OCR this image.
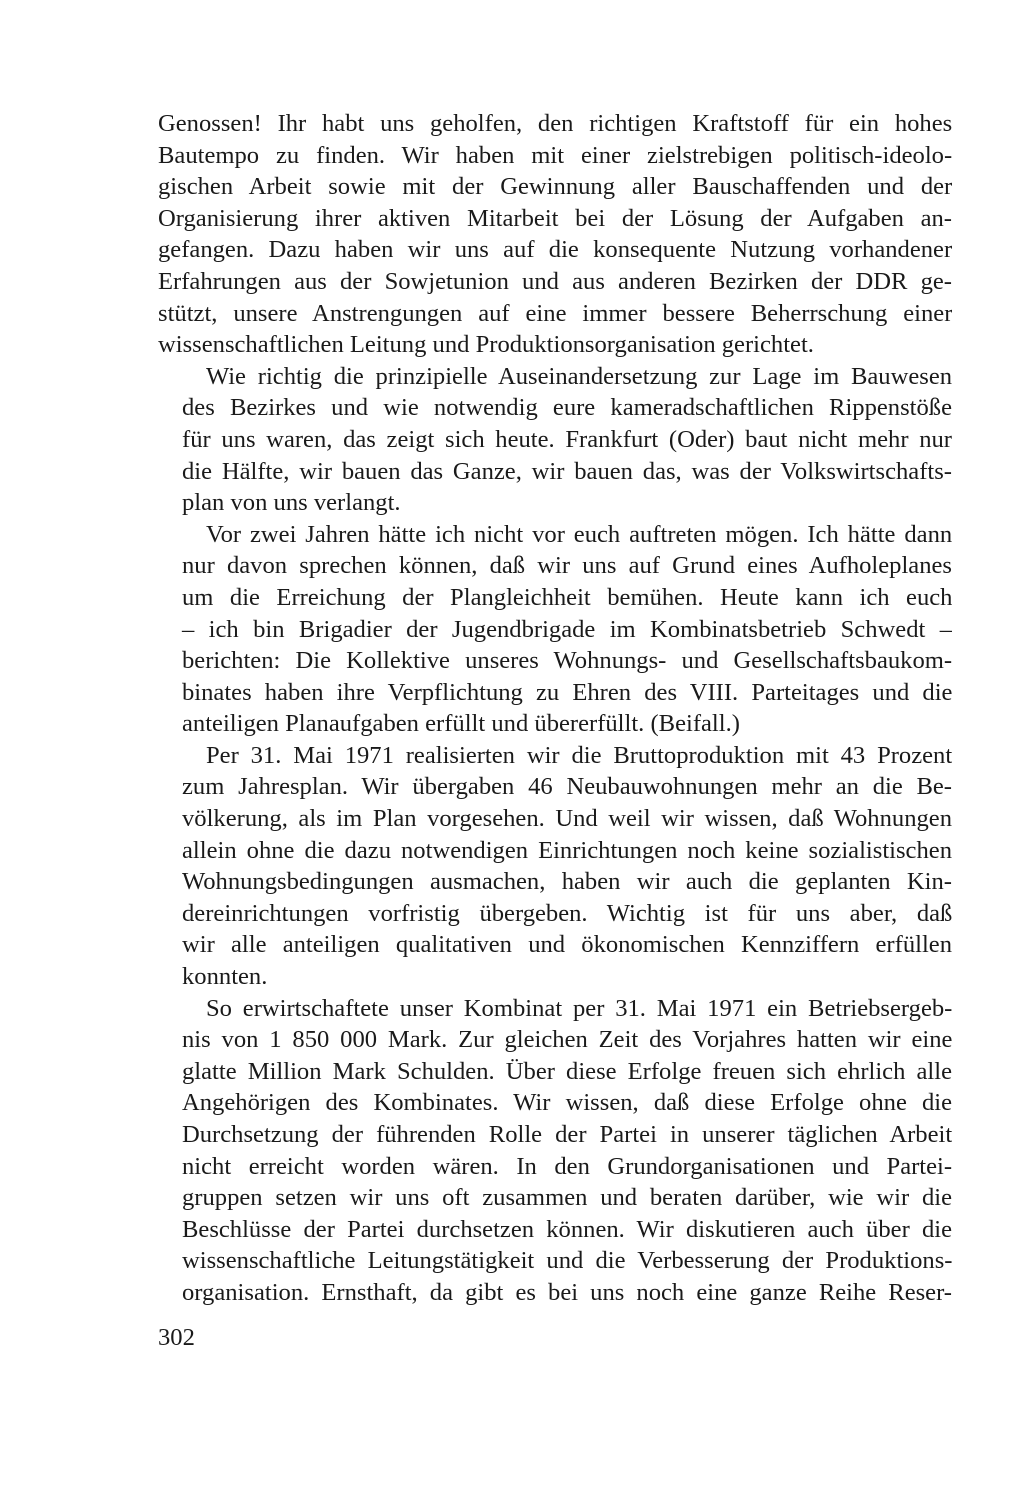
Genossen! Ihr habt uns geholfen, den richtigen Kraftstoff für ein hohes
Bautempo zu finden. Wir haben mit einer zielstrebigen politisch-ideolo-
gischen Arbeit sowie mit der Gewinnung aller Bauschaffenden und der
Organisierung ihrer aktiven Mitarbeit bei der Lösung der Aufgaben an-
gefangen. Dazu haben wir uns auf die konsequente Nutzung vorhandener
Erfahrungen aus der Sowjetunion und aus anderen Bezirken der DDR ge-
stützt, unsere Anstrengungen auf eine immer bessere Beherrschung einer
wissenschaftlichen Leitung und Produktionsorganisation gerichtet.
Wie richtig die prinzipielle Auseinandersetzung zur Lage im Bauwesen
des Bezirkes und wie notwendig eure kameradschaftlichen Rippenstöße
für uns waren, das zeigt sich heute. Frankfurt (Oder) baut nicht mehr nur
die Hälfte, wir bauen das Ganze, wir bauen das, was der Volkswirtschafts-
plan von uns verlangt.
Vor zwei Jahren hätte ich nicht vor euch auftreten mögen. Ich hätte dann
nur davon sprechen können, daß wir uns auf Grund eines Aufholeplanes
um die Erreichung der Plangleichheit bemühen. Heute kann ich euch
– ich bin Brigadier der Jugendbrigade im Kombinatsbetrieb Schwedt –
berichten: Die Kollektive unseres Wohnungs- und Gesellschaftsbaukom-
binates haben ihre Verpflichtung zu Ehren des VIII. Parteitages und die
anteiligen Planaufgaben erfüllt und übererfüllt. (Beifall.)
Per 31. Mai 1971 realisierten wir die Bruttoproduktion mit 43 Prozent
zum Jahresplan. Wir übergaben 46 Neubauwohnungen mehr an die Be-
völkerung, als im Plan vorgesehen. Und weil wir wissen, daß Wohnungen
allein ohne die dazu notwendigen Einrichtungen noch keine sozialistischen
Wohnungsbedingungen ausmachen, haben wir auch die geplanten Kin-
dereinrichtungen vorfristig übergeben. Wichtig ist für uns aber, daß
wir alle anteiligen qualitativen und ökonomischen Kennziffern erfüllen
konnten.
So erwirtschaftete unser Kombinat per 31. Mai 1971 ein Betriebsergeb-
nis von 1 850 000 Mark. Zur gleichen Zeit des Vorjahres hatten wir eine
glatte Million Mark Schulden. Über diese Erfolge freuen sich ehrlich alle
Angehörigen des Kombinates. Wir wissen, daß diese Erfolge ohne die
Durchsetzung der führenden Rolle der Partei in unserer täglichen Arbeit
nicht erreicht worden wären. In den Grundorganisationen und Partei-
gruppen setzen wir uns oft zusammen und beraten darüber, wie wir die
Beschlüsse der Partei durchsetzen können. Wir diskutieren auch über die
wissenschaftliche Leitungstätigkeit und die Verbesserung der Produktions-
organisation. Ernsthaft, da gibt es bei uns noch eine ganze Reihe Reser-
302
